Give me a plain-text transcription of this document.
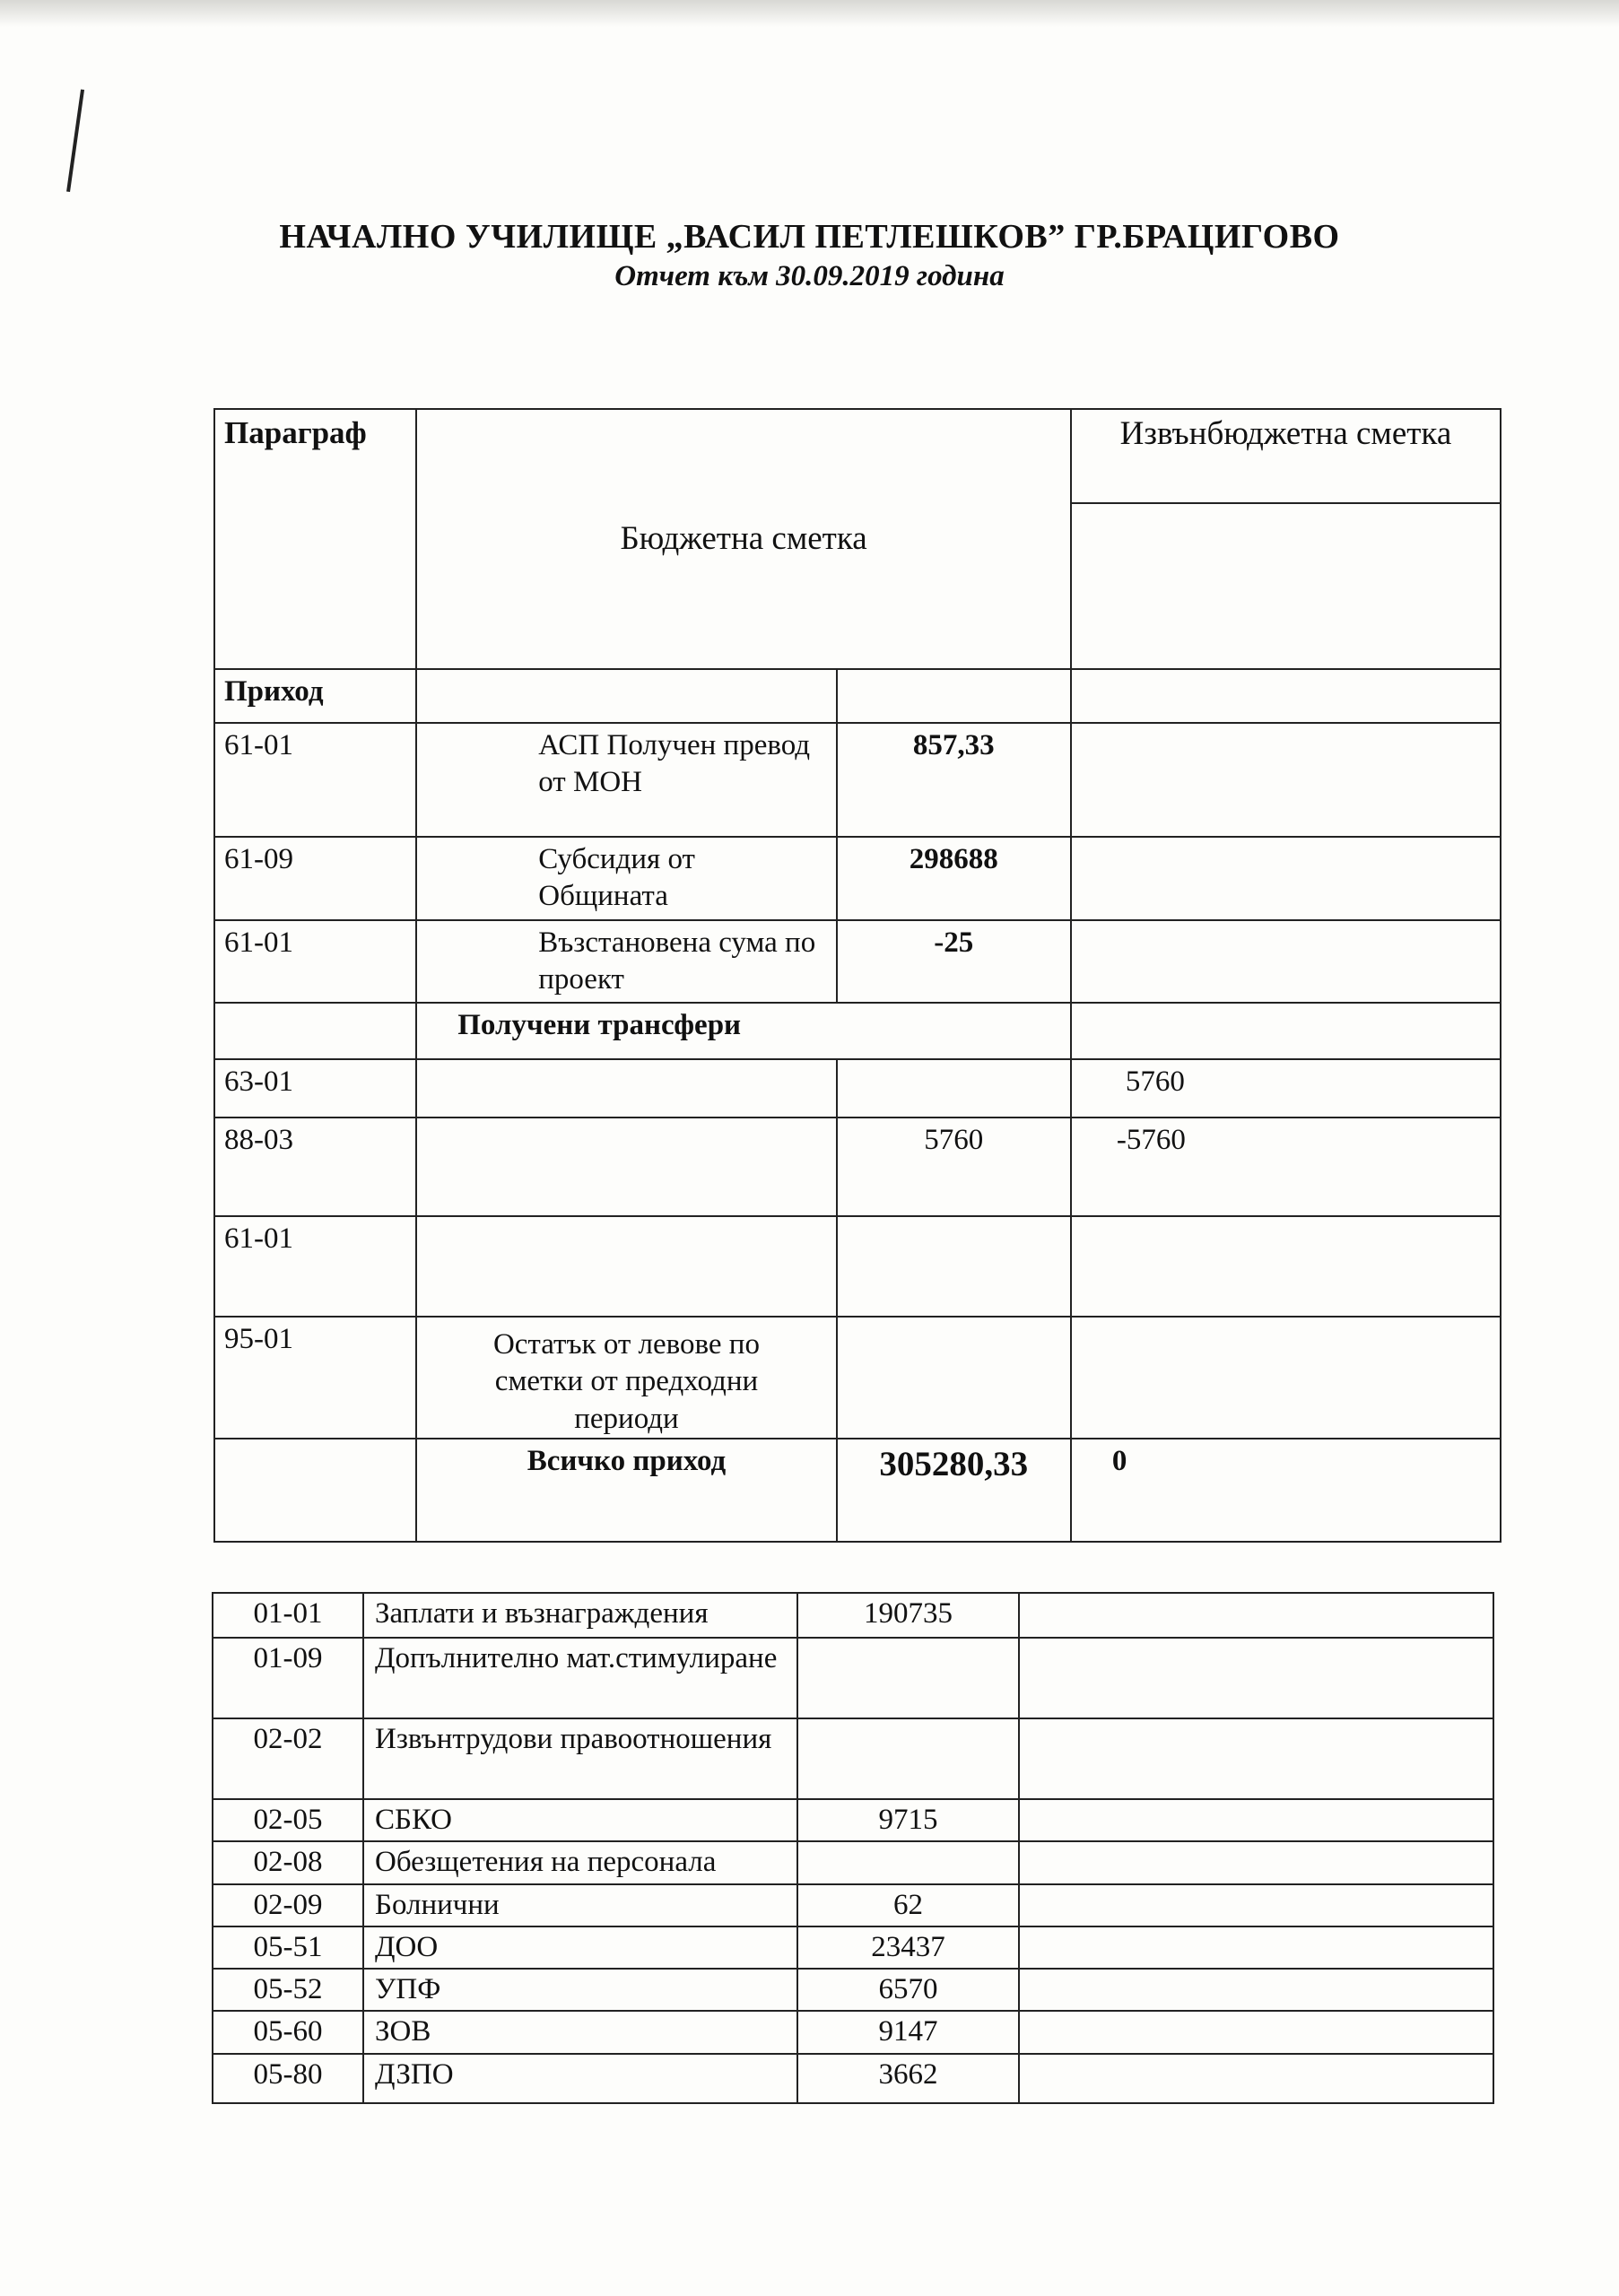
НАЧАЛНО УЧИЛИЩЕ „ВАСИЛ ПЕТЛЕШКОВ” ГР.БРАЦИГОВО
Отчет към 30.09.2019 година
Параграф	Бюджетна сметка		Извънбюджетна сметка

Приход			
61-01	АСП Получен превод от МОН	857,33	
61-09	Субсидия от Общината	298688	
61-01	Възстановена сума по проект	-25	
	Получени трансфери		
63-01			5760
88-03		5760	-5760
61-01			
95-01	Остатък от левове по сметки от предходни периоди		
	Всичко приход	305280,33	0
01-01	Заплати и възнаграждения	190735	
01-09	Допълнително мат.стимулиране		
02-02	Извънтрудови правоотношения		
02-05	СБКО	9715	
02-08	Обезщетения на персонала		
02-09	Болнични	62	
05-51	ДОО	23437	
05-52	УПФ	6570	
05-60	ЗОВ	9147	
05-80	ДЗПО	3662	
